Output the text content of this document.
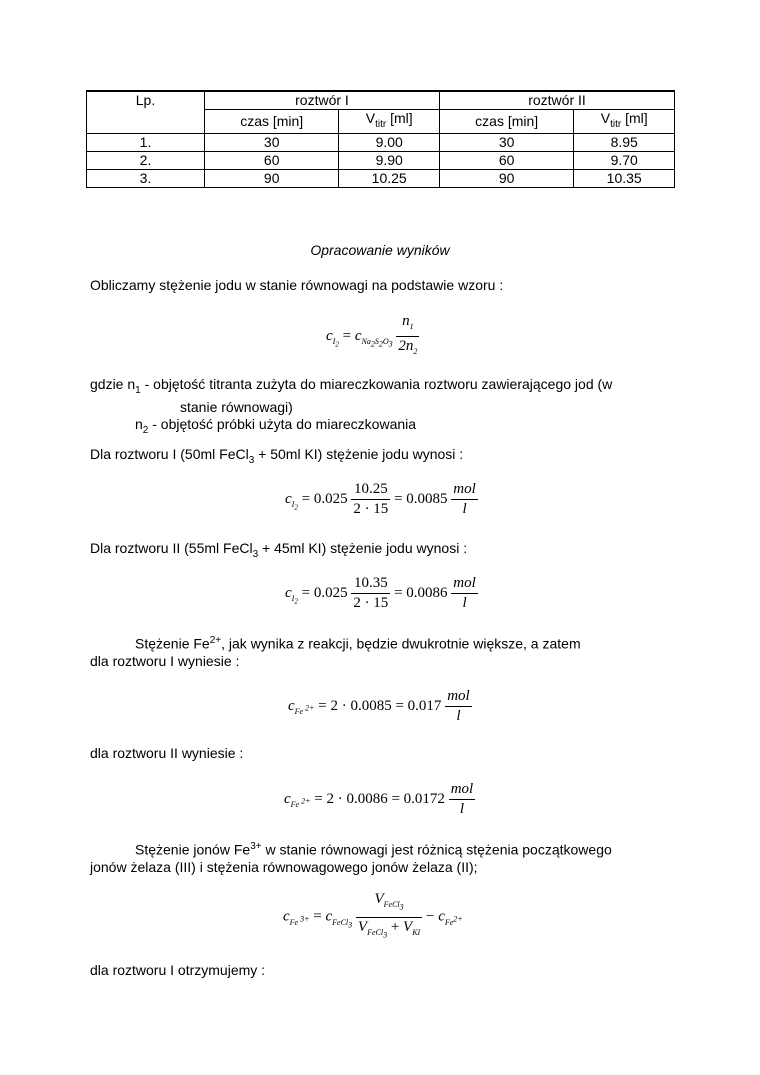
Lp.	roztwór I		roztwór II	
	czas [min]	$V_{titr}$ [ml]	czas [min]	$V_{titr}$ [ml]
1.	30	9.00	30	8.95
2.	60	9.90	60	9.70
3.	90	10.25	90	10.35
Opracowanie wyników
Obliczamy stężenie jodu w stanie równowagi na podstawie wzoru :
$c_{I_2} = c_{Na_2S_2O_3} \frac{n_1}{2n_2}$
gdzie $n_1$ - objętość titranta zużyta do miareczkowania roztworu zawierającego jod (w
stanie równowagi)
$n_2$ - objętość próbki użyta do miareczkowania
Dla roztworu I (50ml FeCl$_3$ + 50ml KI) stężenie jodu wynosi :
$c_{I_2} = 0.025 \frac{10.25}{2 \cdot 15} = 0.0085 \frac{\text{mol}}{l}$
Dla roztworu II (55ml FeCl$_3$ + 45ml KI) stężenie jodu wynosi :
$c_{I_2} = 0.025 \frac{10.35}{2 \cdot 15} = 0.0086 \frac{\text{mol}}{l}$
Stężenie $Fe^{2+}$, jak wynika z reakcji, będzie dwukrotnie większe, a zatem
dla roztworu I wyniesie :
$c_{Fe ^{2+}} = 2 \cdot 0.0085 = 0.017 \frac{\text{mol}}{l}$
dla roztworu II wyniesie :
$c_{Fe ^{2+}} = 2 \cdot 0.0086 = 0.0172 \frac{\text{mol}}{l}$
Stężenie jonów $Fe^{3+}$ w stanie równowagi jest różnicą stężenia początkowego
jonów żelaza (III) i stężenia równowagowego jonów żelaza (II);
$c_{Fe ^{3+}} = c_{FeCl_3} \frac{V_{FeCl_3}}{V_{FeCl_3} + V_{KI}} - c_{Fe^{2+}}$
dla roztworu I otrzymujemy :
